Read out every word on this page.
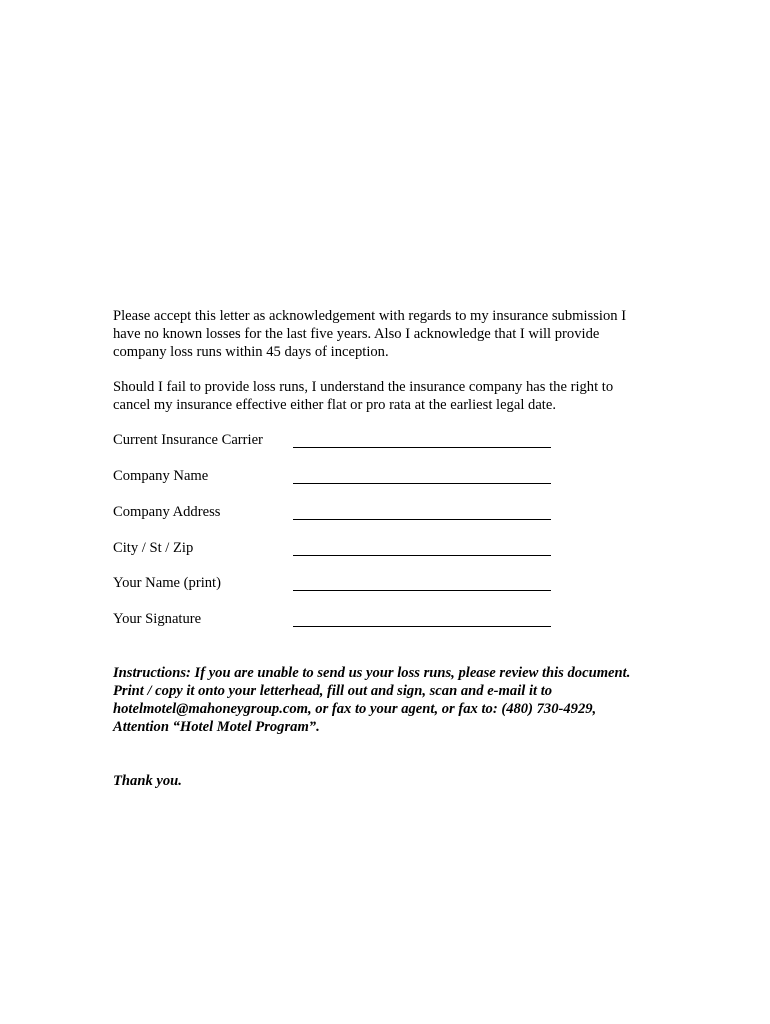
Please accept this letter as acknowledgement with regards to my insurance submission I
have no known losses for the last five years. Also I acknowledge that I will provide
company loss runs within 45 days of inception.
Should I fail to provide loss runs, I understand the insurance company has the right to
cancel my insurance effective either flat or pro rata at the earliest legal date.
Current Insurance Carrier
Company Name
Company Address
City / St / Zip
Your Name (print)
Your Signature
Instructions: If you are unable to send us your loss runs, please review this document.
Print / copy it onto your letterhead, fill out and sign, scan and e-mail it to
hotelmotel@mahoneygroup.com, or fax to your agent, or fax to: (480) 730-4929,
Attention “Hotel Motel Program”.
Thank you.
